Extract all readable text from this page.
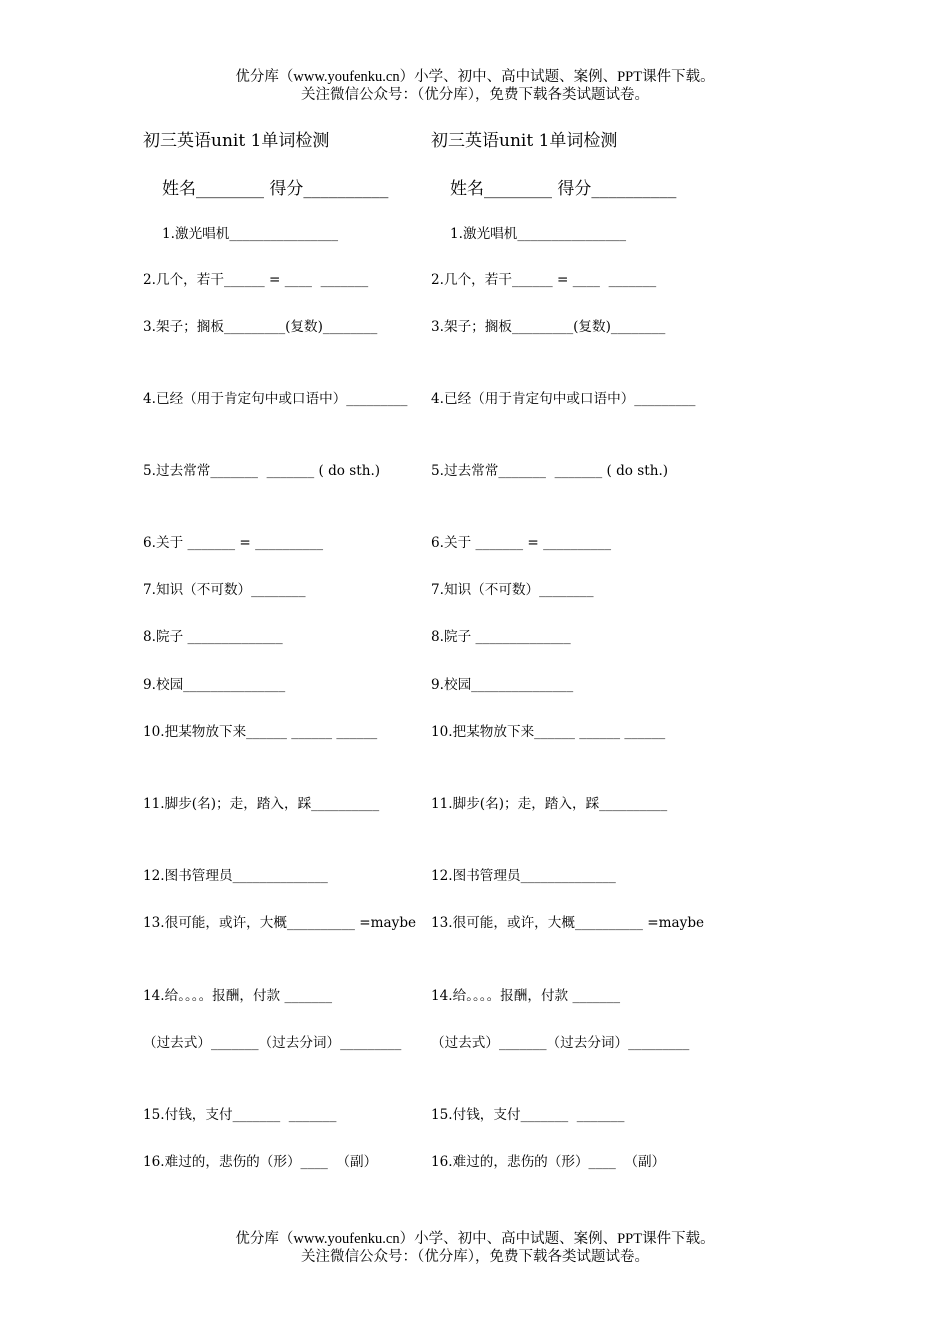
优分库（www.youfenku.cn）小学、初中、高中试题、案例、PPT课件下载。
关注微信公众号：（优分库），免费下载各类试题试卷。
初三英语unit 1单词检测
姓名________ 得分__________
1.激光唱机________________
2.几个，若干______ = ____  _______
3.架子；搁板_________(复数)________
4.已经（用于肯定句中或口语中）_________
5.过去常常_______  _______ ( do sth.)
6.关于 _______ = __________
7.知识（不可数）________
8.院子 ______________
9.校园_______________
10.把某物放下来______ ______ ______
11.脚步(名)；走，踏入，踩__________
12.图书管理员______________
13.很可能，或许，大概__________ =maybe
14.给。。。。报酬，付款 _______
（过去式）_______（过去分词）_________
15.付钱，支付_______  _______
16.难过的，悲伤的（形）____  （副）
初三英语unit 1单词检测
姓名________ 得分__________
1.激光唱机________________
2.几个，若干______ = ____  _______
3.架子；搁板_________(复数)________
4.已经（用于肯定句中或口语中）_________
5.过去常常_______  _______ ( do sth.)
6.关于 _______ = __________
7.知识（不可数）________
8.院子 ______________
9.校园_______________
10.把某物放下来______ ______ ______
11.脚步(名)；走，踏入，踩__________
12.图书管理员______________
13.很可能，或许，大概__________ =maybe
14.给。。。。报酬，付款 _______
（过去式）_______（过去分词）_________
15.付钱，支付_______  _______
16.难过的，悲伤的（形）____  （副）
优分库（www.youfenku.cn）小学、初中、高中试题、案例、PPT课件下载。
关注微信公众号：（优分库），免费下载各类试题试卷。
